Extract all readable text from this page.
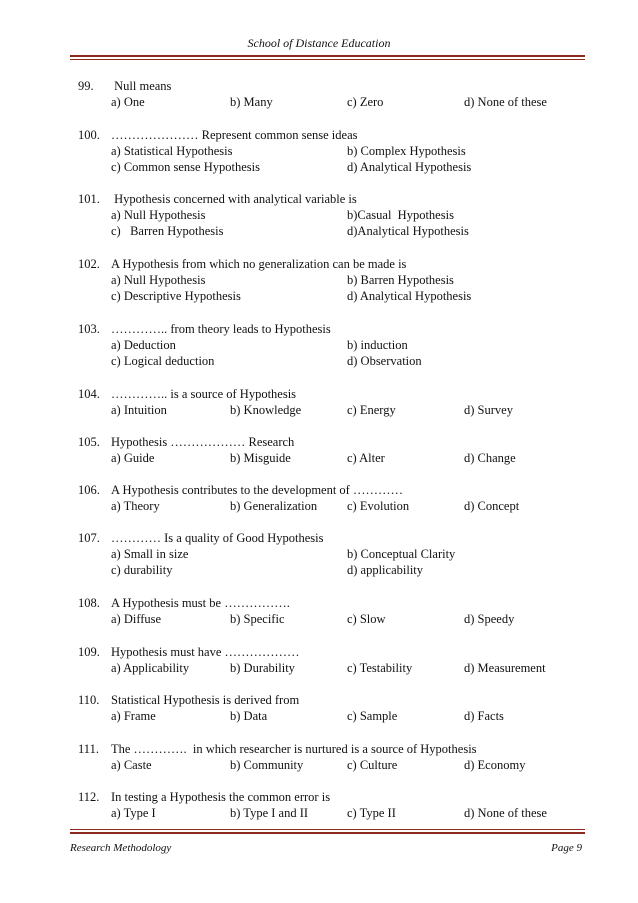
School of Distance Education
99. Null means
a) One	b) Many	c) Zero	d) None of these
100. ………………… Represent common sense ideas
a) Statistical Hypothesis	b) Complex Hypothesis
c) Common sense Hypothesis	d) Analytical Hypothesis
101. Hypothesis concerned with analytical variable is
a) Null Hypothesis	b)Casual  Hypothesis
c)   Barren Hypothesis	d)Analytical Hypothesis
102. A Hypothesis from which no generalization can be made is
a) Null Hypothesis	b) Barren Hypothesis
c) Descriptive Hypothesis	d) Analytical Hypothesis
103. ………….. from theory leads to Hypothesis
a) Deduction	b) induction
c) Logical deduction	d) Observation
104. ………….. is a source of Hypothesis
a) Intuition	b) Knowledge	c) Energy	d) Survey
105. Hypothesis ……………… Research
a) Guide	b) Misguide	c) Alter	d) Change
106. A Hypothesis contributes to the development of …………
a) Theory	b) Generalization c) Evolution	d) Concept
107. ………… Is a quality of Good Hypothesis
a) Small in size	b) Conceptual Clarity
c) durability	d) applicability
108. A Hypothesis must be …………….
a) Diffuse	b) Specific	c) Slow	d) Speedy
109. Hypothesis must have ………………
a) Applicability	b) Durability	c) Testability	d) Measurement
110. Statistical Hypothesis is derived from
a) Frame	b) Data	c) Sample	d) Facts
111. The ………….  in which researcher is nurtured is a source of Hypothesis
a) Caste	b) Community	c) Culture	d) Economy
112. In testing a Hypothesis the common error is
a) Type I	b) Type I and II	c) Type II	d) None of these
Research Methodology	Page 9
